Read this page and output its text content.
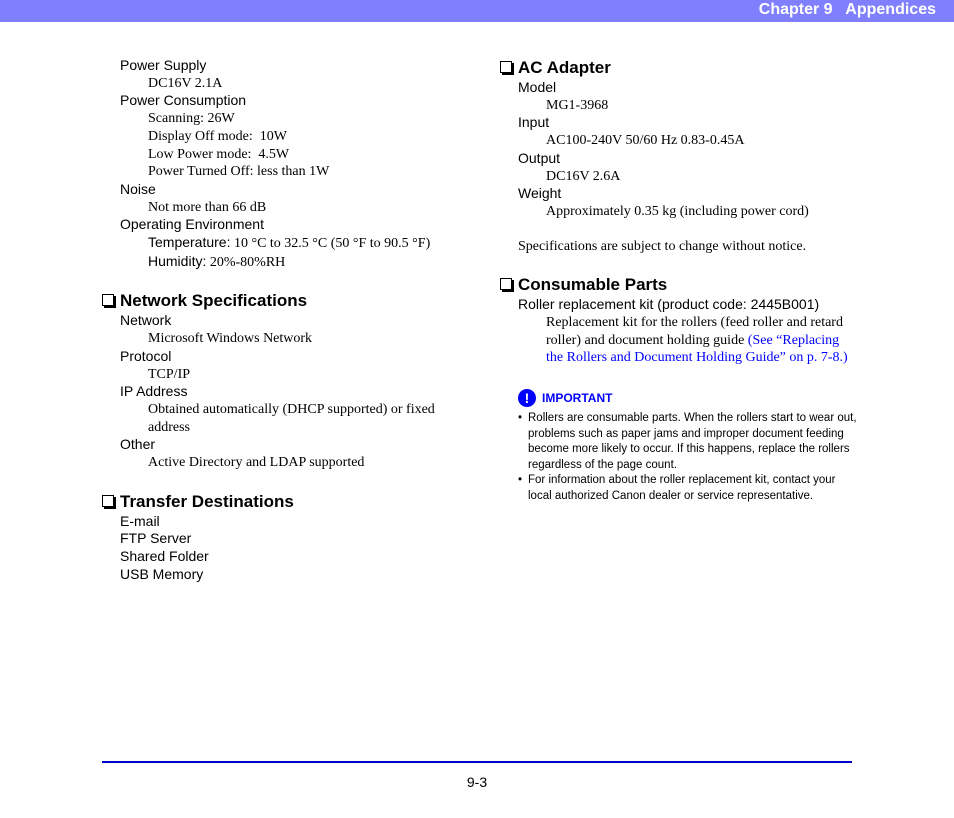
Chapter 9   Appendices
Power Supply
DC16V 2.1A
Power Consumption
Scanning: 26W
Display Off mode:  10W
Low Power mode:  4.5W
Power Turned Off: less than 1W
Noise
Not more than 66 dB
Operating Environment
Temperature: 10 °C to 32.5 °C (50 °F to 90.5 °F)
Humidity: 20%-80%RH
Network Specifications
Network
Microsoft Windows Network
Protocol
TCP/IP
IP Address
Obtained automatically (DHCP supported) or fixed
address
Other
Active Directory and LDAP supported
Transfer Destinations
E-mail
FTP Server
Shared Folder
USB Memory
AC Adapter
Model
MG1-3968
Input
AC100-240V 50/60 Hz 0.83-0.45A
Output
DC16V 2.6A
Weight
Approximately 0.35 kg (including power cord)
Specifications are subject to change without notice.
Consumable Parts
Roller replacement kit (product code: 2445B001)
Replacement kit for the rollers (feed roller and retard
roller) and document holding guide (See “Replacing
the Rollers and Document Holding Guide” on p. 7-8.)
!	IMPORTANT
• Rollers are consumable parts. When the rollers start to wear out, problems such as paper jams and improper document feeding become more likely to occur. If this happens, replace the rollers regardless of the page count.
• For information about the roller replacement kit, contact your local authorized Canon dealer or service representative.
9-3
